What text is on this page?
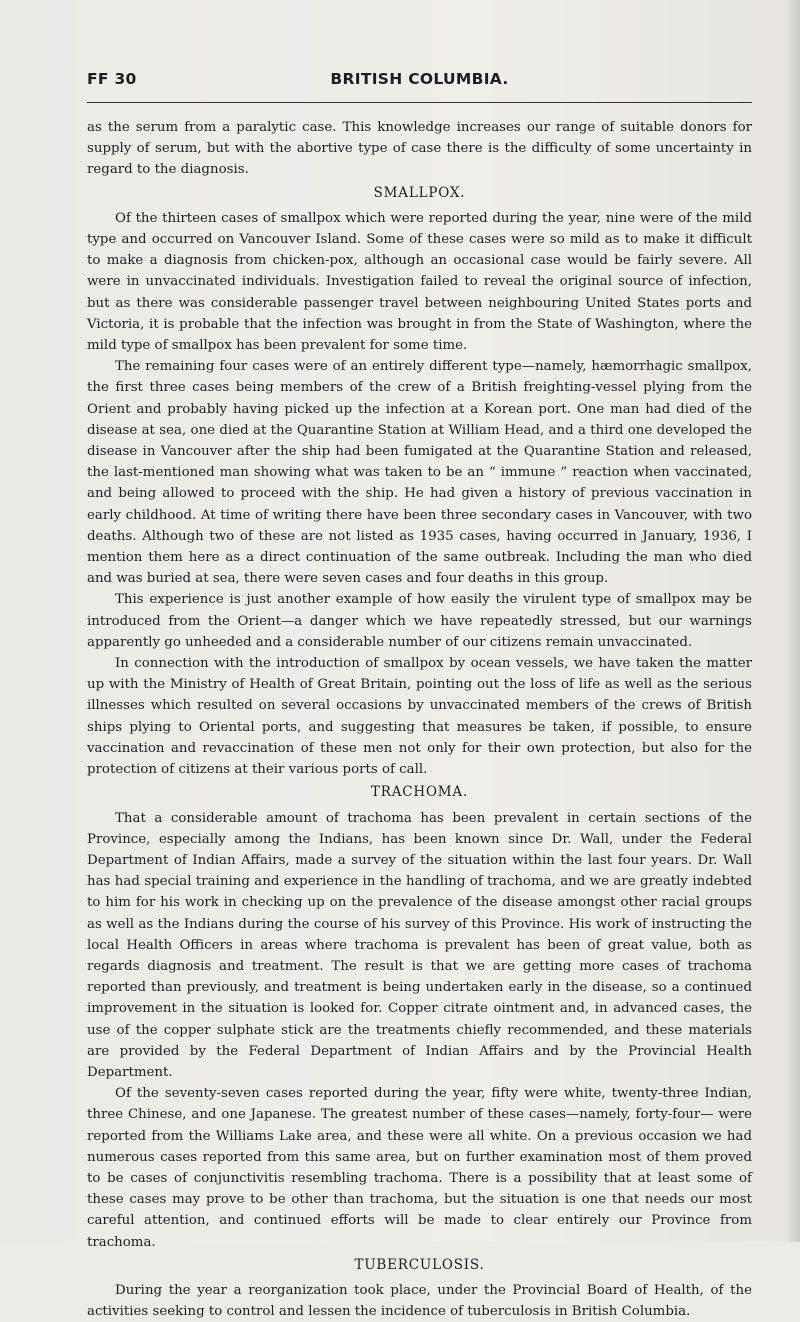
FF 30	BRITISH COLUMBIA.

as the serum from a paralytic case. This knowledge increases our range of suitable donors for supply of serum, but with the abortive type of case there is the difficulty of some uncertainty in regard to the diagnosis.

SMALLPOX.

Of the thirteen cases of smallpox which were reported during the year, nine were of the mild type and occurred on Vancouver Island. Some of these cases were so mild as to make it difficult to make a diagnosis from chicken-pox, although an occasional case would be fairly severe. All were in unvaccinated individuals. Investigation failed to reveal the original source of infection, but as there was considerable passenger travel between neighbouring United States ports and Victoria, it is probable that the infection was brought in from the State of Washington, where the mild type of smallpox has been prevalent for some time.

The remaining four cases were of an entirely different type—namely, hæmorrhagic smallpox, the first three cases being members of the crew of a British freighting-vessel plying from the Orient and probably having picked up the infection at a Korean port. One man had died of the disease at sea, one died at the Quarantine Station at William Head, and a third one developed the disease in Vancouver after the ship had been fumigated at the Quarantine Station and released, the last-mentioned man showing what was taken to be an “ immune ” reaction when vaccinated, and being allowed to proceed with the ship. He had given a history of previous vaccination in early childhood. At time of writing there have been three secondary cases in Vancouver, with two deaths. Although two of these are not listed as 1935 cases, having occurred in January, 1936, I mention them here as a direct continuation of the same outbreak. Including the man who died and was buried at sea, there were seven cases and four deaths in this group.

This experience is just another example of how easily the virulent type of smallpox may be introduced from the Orient—a danger which we have repeatedly stressed, but our warnings apparently go unheeded and a considerable number of our citizens remain unvaccinated.

In connection with the introduction of smallpox by ocean vessels, we have taken the matter up with the Ministry of Health of Great Britain, pointing out the loss of life as well as the serious illnesses which resulted on several occasions by unvaccinated members of the crews of British ships plying to Oriental ports, and suggesting that measures be taken, if possible, to ensure vaccination and revaccination of these men not only for their own protection, but also for the protection of citizens at their various ports of call.

TRACHOMA.

That a considerable amount of trachoma has been prevalent in certain sections of the Province, especially among the Indians, has been known since Dr. Wall, under the Federal Department of Indian Affairs, made a survey of the situation within the last four years. Dr. Wall has had special training and experience in the handling of trachoma, and we are greatly indebted to him for his work in checking up on the prevalence of the disease amongst other racial groups as well as the Indians during the course of his survey of this Province. His work of instructing the local Health Officers in areas where trachoma is prevalent has been of great value, both as regards diagnosis and treatment. The result is that we are getting more cases of trachoma reported than previously, and treatment is being undertaken early in the disease, so a continued improvement in the situation is looked for. Copper citrate ointment and, in advanced cases, the use of the copper sulphate stick are the treatments chiefly recommended, and these materials are provided by the Federal Department of Indian Affairs and by the Provincial Health Department.

Of the seventy-seven cases reported during the year, fifty were white, twenty-three Indian, three Chinese, and one Japanese. The greatest number of these cases—namely, forty-four— were reported from the Williams Lake area, and these were all white. On a previous occasion we had numerous cases reported from this same area, but on further examination most of them proved to be cases of conjunctivitis resembling trachoma. There is a possibility that at least some of these cases may prove to be other than trachoma, but the situation is one that needs our most careful attention, and continued efforts will be made to clear entirely our Province from trachoma.

TUBERCULOSIS.

During the year a reorganization took place, under the Provincial Board of Health, of the activities seeking to control and lessen the incidence of tuberculosis in British Columbia.
